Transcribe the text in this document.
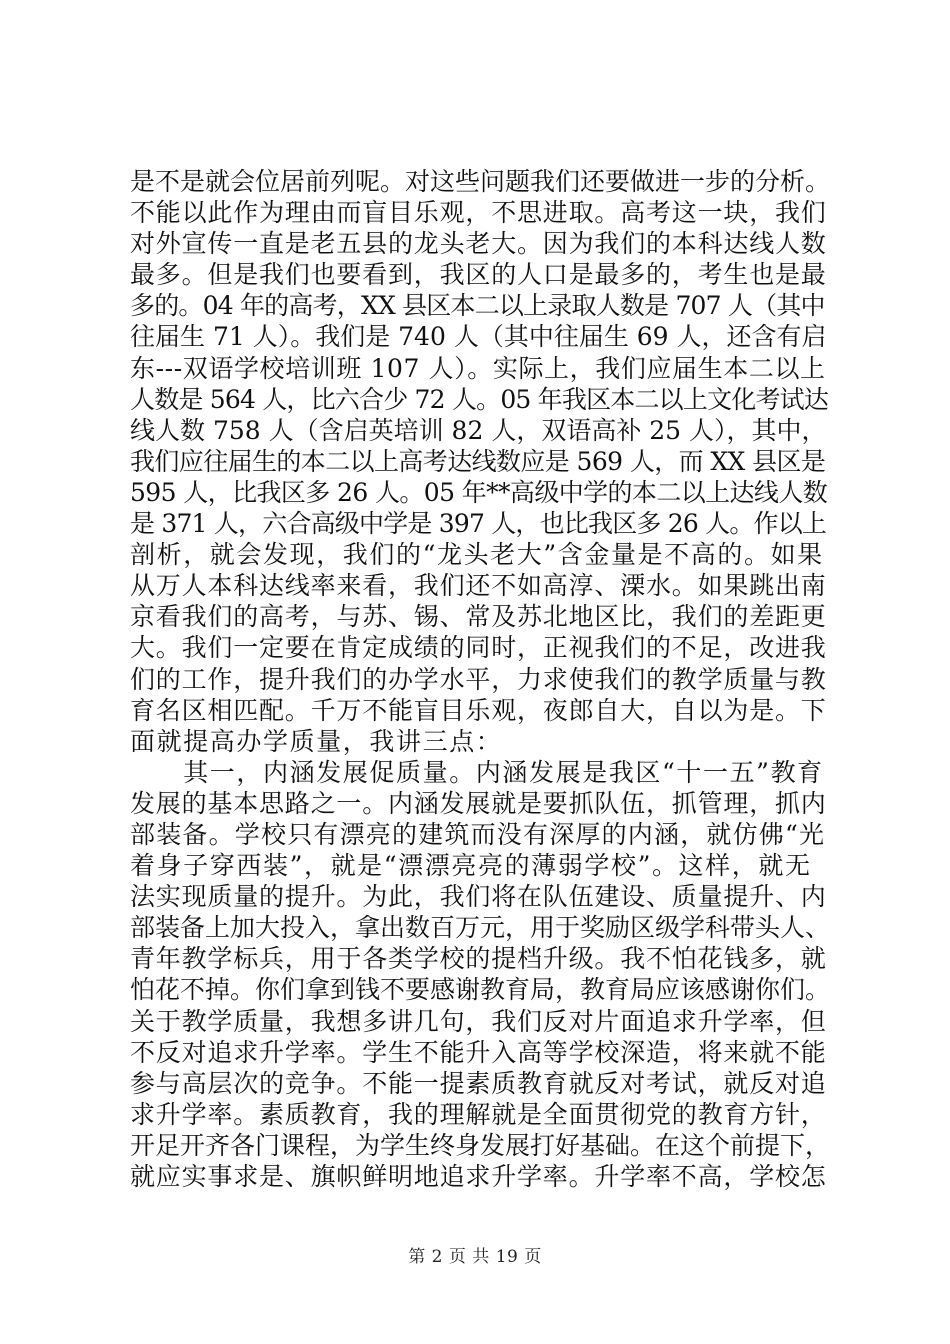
是不是就会位居前列呢。对这些问题我们还要做进一步的分析。
不能以此作为理由而盲目乐观，不思进取。高考这一块，我们
对外宣传一直是老五县的龙头老大。因为我们的本科达线人数
最多。但是我们也要看到，我区的人口是最多的，考生也是最
多的。04 年的高考，XX 县区本二以上录取人数是 707 人（其中
往届生 71 人）。我们是 740 人（其中往届生 69 人，还含有启
东---双语学校培训班 107 人）。实际上，我们应届生本二以上
人数是 564 人，比六合少 72 人。05 年我区本二以上文化考试达
线人数 758 人（含启英培训 82 人，双语高补 25 人），其中，
我们应往届生的本二以上高考达线数应是 569 人，而 XX 县区是
595 人，比我区多 26 人。05 年**高级中学的本二以上达线人数
是 371 人，六合高级中学是 397 人，也比我区多 26 人。作以上
剖析，就会发现，我们的“龙头老大”含金量是不高的。如果
从万人本科达线率来看，我们还不如高淳、溧水。如果跳出南
京看我们的高考，与苏、锡、常及苏北地区比，我们的差距更
大。我们一定要在肯定成绩的同时，正视我们的不足，改进我
们的工作，提升我们的办学水平，力求使我们的教学质量与教
育名区相匹配。千万不能盲目乐观，夜郎自大，自以为是。下
面就提高办学质量，我讲三点：
　　其一，内涵发展促质量。内涵发展是我区“十一五”教育
发展的基本思路之一。内涵发展就是要抓队伍，抓管理，抓内
部装备。学校只有漂亮的建筑而没有深厚的内涵，就仿佛“光
着身子穿西装”，就是“漂漂亮亮的薄弱学校”。这样，就无
法实现质量的提升。为此，我们将在队伍建设、质量提升、内
部装备上加大投入，拿出数百万元，用于奖励区级学科带头人、
青年教学标兵，用于各类学校的提档升级。我不怕花钱多，就
怕花不掉。你们拿到钱不要感谢教育局，教育局应该感谢你们。
关于教学质量，我想多讲几句，我们反对片面追求升学率，但
不反对追求升学率。学生不能升入高等学校深造，将来就不能
参与高层次的竞争。不能一提素质教育就反对考试，就反对追
求升学率。素质教育，我的理解就是全面贯彻党的教育方针，
开足开齐各门课程，为学生终身发展打好基础。在这个前提下，
就应实事求是、旗帜鲜明地追求升学率。升学率不高，学校怎
第 2 页 共 19 页
